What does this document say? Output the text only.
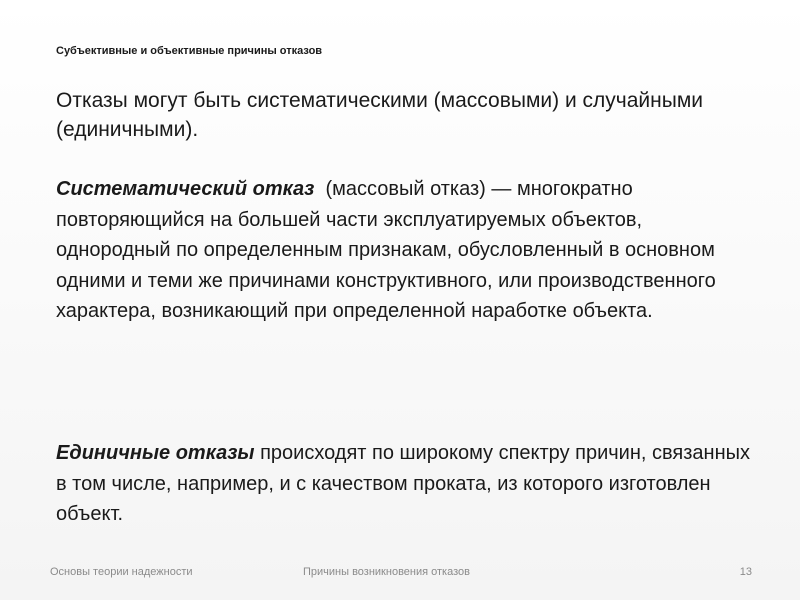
Субъективные и объективные причины отказов
Отказы могут быть систематическими (массовыми) и случайными (единичными).
Систематический отказ  (массовый отказ) — многократно повторяющийся на большей части эксплуатируемых объектов, однородный по определенным признакам, обусловленный в основном одними и теми же причинами конструктивного, или производственного характера, возникающий при определенной наработке объекта.
Единичные отказы происходят по широкому спектру причин, связанных в том числе, например, и с качеством проката, из которого изготовлен объект.
Основы теории надежности	Причины возникновения отказов	13
